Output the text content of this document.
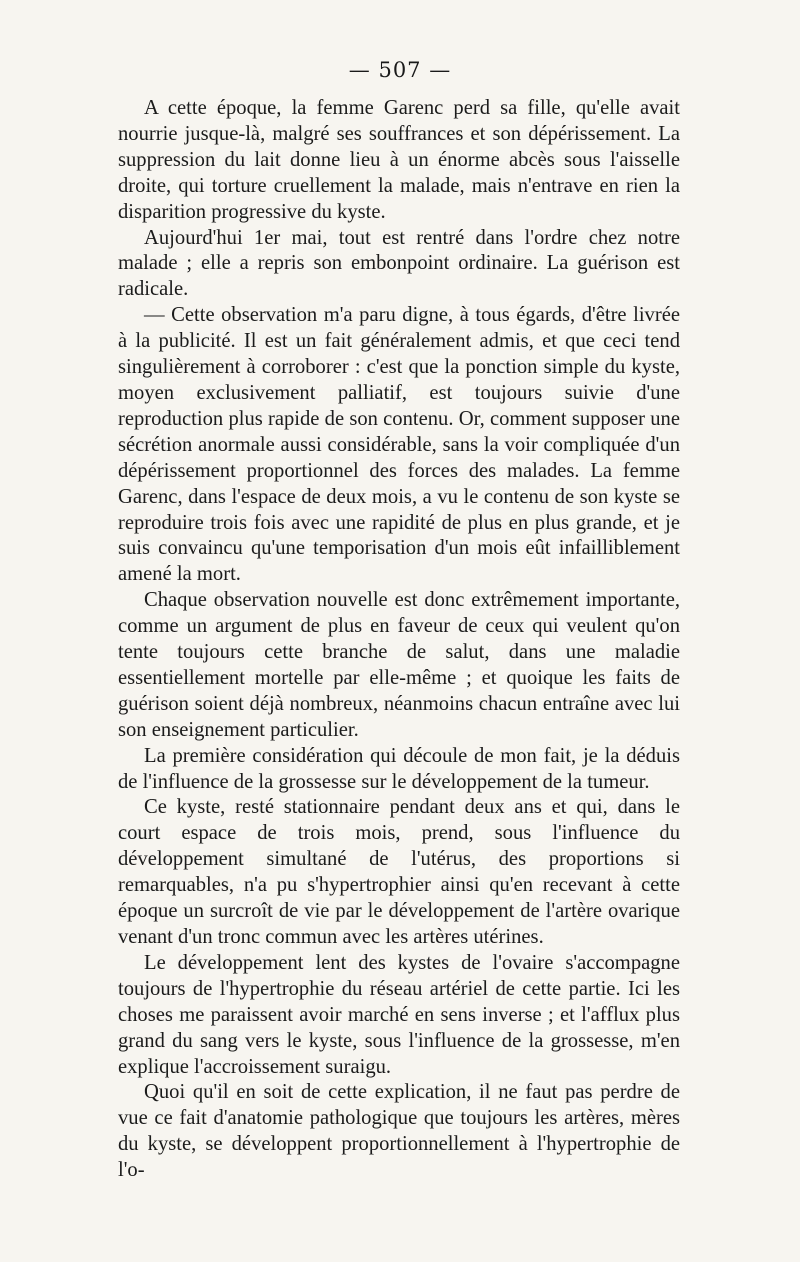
— 507 —

A cette époque, la femme Garenc perd sa fille, qu'elle avait nourrie jusque-là, malgré ses souffrances et son dépérissement. La suppression du lait donne lieu à un énorme abcès sous l'aisselle droite, qui torture cruellement la malade, mais n'entrave en rien la disparition progressive du kyste.

Aujourd'hui 1er mai, tout est rentré dans l'ordre chez notre malade ; elle a repris son embonpoint ordinaire. La guérison est radicale.

— Cette observation m'a paru digne, à tous égards, d'être livrée à la publicité. Il est un fait généralement admis, et que ceci tend singulièrement à corroborer : c'est que la ponction simple du kyste, moyen exclusivement palliatif, est toujours suivie d'une reproduction plus rapide de son contenu. Or, comment supposer une sécrétion anormale aussi considérable, sans la voir compliquée d'un dépérissement proportionnel des forces des malades. La femme Garenc, dans l'espace de deux mois, a vu le contenu de son kyste se reproduire trois fois avec une rapidité de plus en plus grande, et je suis convaincu qu'une temporisation d'un mois eût infailliblement amené la mort.

Chaque observation nouvelle est donc extrêmement importante, comme un argument de plus en faveur de ceux qui veulent qu'on tente toujours cette branche de salut, dans une maladie essentiellement mortelle par elle-même ; et quoique les faits de guérison soient déjà nombreux, néanmoins chacun entraîne avec lui son enseignement particulier.

La première considération qui découle de mon fait, je la déduis de l'influence de la grossesse sur le développement de la tumeur.

Ce kyste, resté stationnaire pendant deux ans et qui, dans le court espace de trois mois, prend, sous l'influence du développement simultané de l'utérus, des proportions si remarquables, n'a pu s'hypertrophier ainsi qu'en recevant à cette époque un surcroît de vie par le développement de l'artère ovarique venant d'un tronc commun avec les artères utérines.

Le développement lent des kystes de l'ovaire s'accompagne toujours de l'hypertrophie du réseau artériel de cette partie. Ici les choses me paraissent avoir marché en sens inverse ; et l'afflux plus grand du sang vers le kyste, sous l'influence de la grossesse, m'en explique l'accroissement suraigu.

Quoi qu'il en soit de cette explication, il ne faut pas perdre de vue ce fait d'anatomie pathologique que toujours les artères, mères du kyste, se développent proportionnellement à l'hypertrophie de l'o-
